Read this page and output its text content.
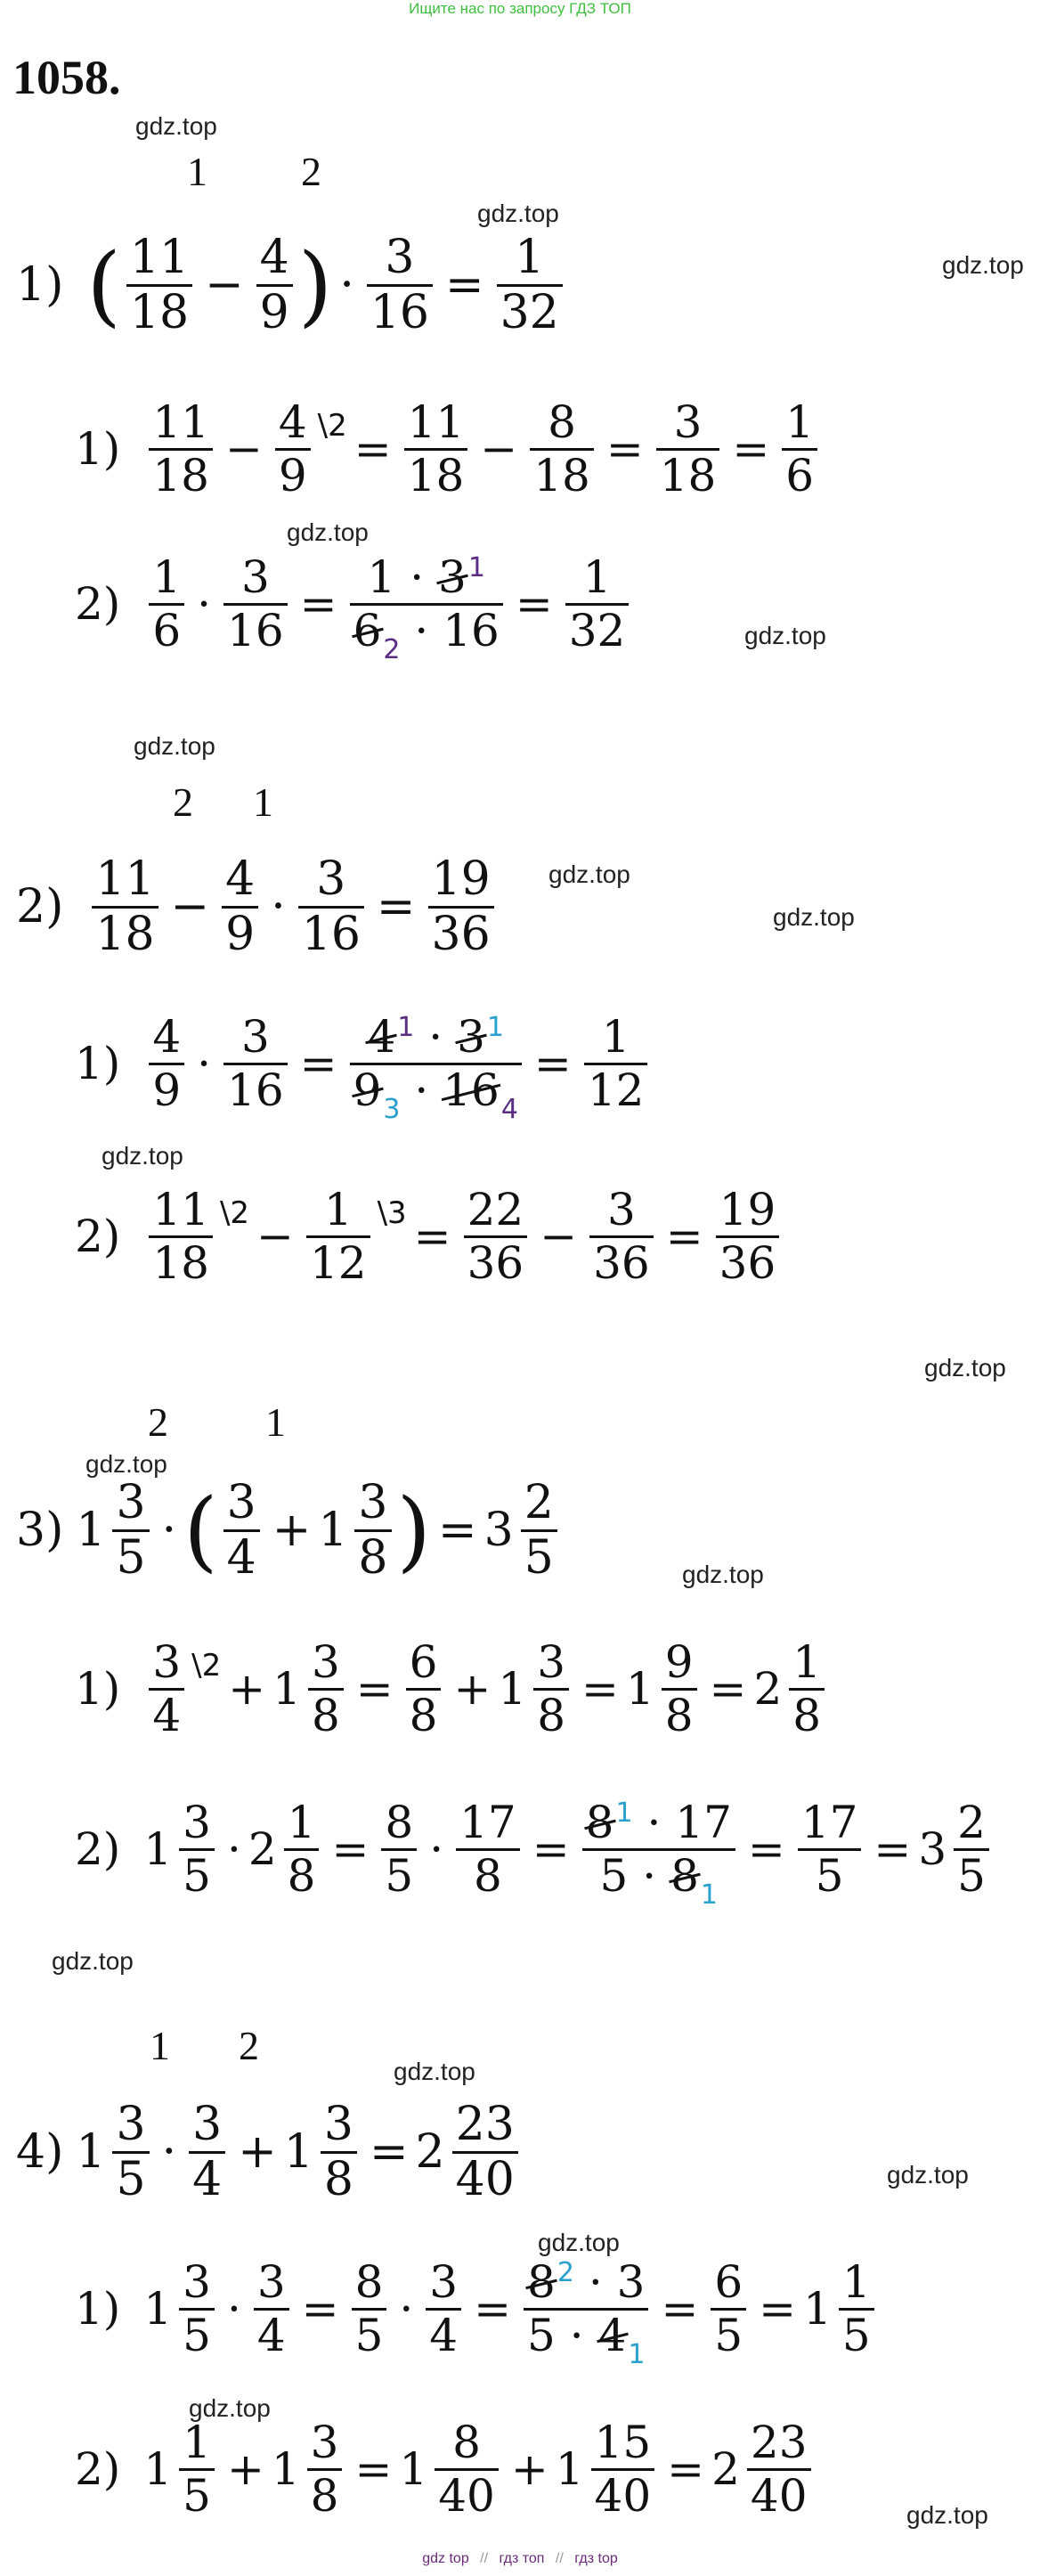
Ищите нас по запросу ГДЗ ТОП
1058.
gdz.top
gdz.top
gdz.top
gdz.top
gdz.top
gdz.top
gdz.top
gdz.top
gdz.top
gdz.top
gdz.top
gdz.top
gdz.top
gdz.top
gdz.top
gdz.top
gdz.top
gdz.top
1 2
2 1
2 1
1 2
1) ( $\frac{11}{18} - \frac{4}{9}$ ) · $\frac{3}{16} = \frac{1}{32}$
$1) \frac{11}{18} - \frac{4}{9}$ \2 = $\frac{11}{18} - \frac{8}{18} = \frac{3}{18} = \frac{1}{6}$
$2) \frac{1}{6} \cdot \frac{3}{16} = \frac{1 \cdot 3^1}{6_2 \cdot 16} = \frac{1}{32}$
$2) \frac{11}{18} - \frac{4}{9} \cdot \frac{3}{16} = \frac{19}{36}$
$1) \frac{4}{9} \cdot \frac{3}{16} = \frac{4^1 \cdot 3^1}{9_3 \cdot 16_4} = \frac{1}{12}$
$2) \frac{11}{18}$ \2 − $\frac{1}{12}$ \3 = $\frac{22}{36} - \frac{3}{36} = \frac{19}{36}$
3) $1 \frac{3}{5}$ · ( $\frac{3}{4} + 1 \frac{3}{8}$ ) = $3 \frac{2}{5}$
$1) \frac{3}{4}$ \2 + $1 \frac{3}{8} = \frac{6}{8} + 1 \frac{3}{8} = 1 \frac{9}{8} = 2 \frac{1}{8}$
2) $1 \frac{3}{5} \cdot 2 \frac{1}{8} = \frac{8}{5} \cdot \frac{17}{8} = \frac{8^1 \cdot 17}{5 \cdot 8_1} = \frac{17}{5} = 3 \frac{2}{5}$
4) $1 \frac{3}{5} \cdot \frac{3}{4} + 1 \frac{3}{8} = 2 \frac{23}{40}$
1) $1 \frac{3}{5} \cdot \frac{3}{4} = \frac{8}{5} \cdot \frac{3}{4} = \frac{8^2 \cdot 3}{5 \cdot 4_1} = \frac{6}{5} = 1 \frac{1}{5}$
2) $1 \frac{1}{5} + 1 \frac{3}{8} = 1 \frac{8}{40} + 1 \frac{15}{40} = 2 \frac{23}{40}$
gdz top // гдз топ // гдз top
